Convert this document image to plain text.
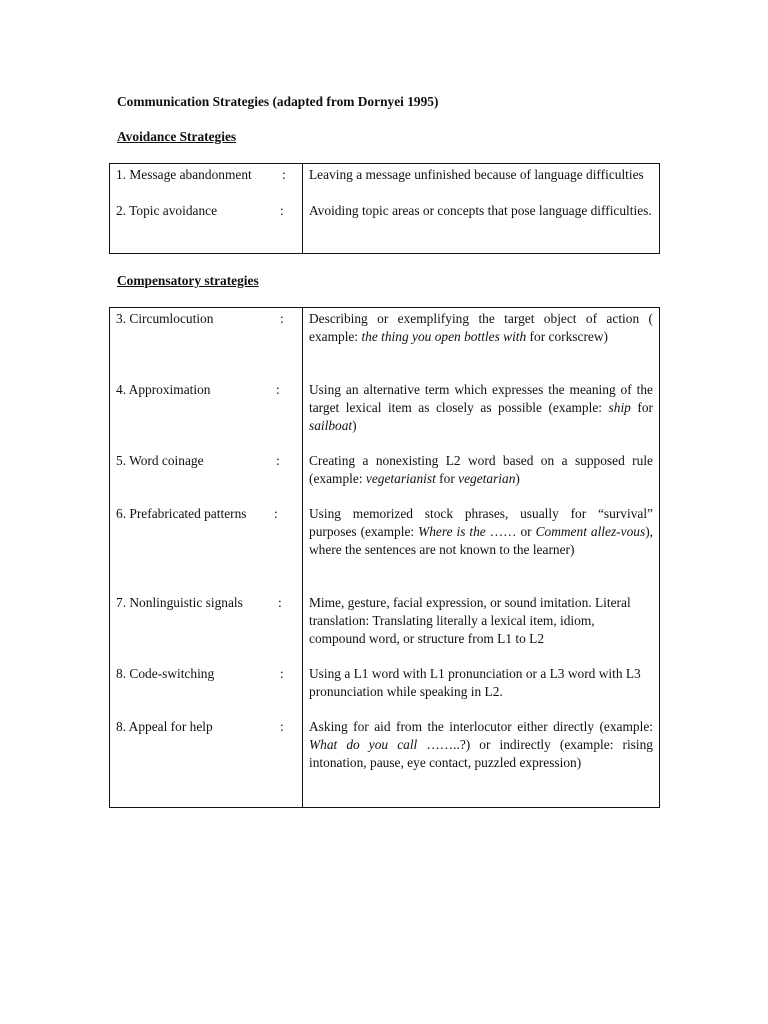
Communication Strategies (adapted from Dornyei 1995)
Avoidance Strategies
1. Message abandonment	: Leaving a message unfinished because of language difficulties
2. Topic avoidance	: Avoiding topic areas or concepts that pose language difficulties.
Compensatory strategies
3. Circumlocution	: Describing or exemplifying the target object of action ( example: the thing you open bottles with for corkscrew)
4. Approximation	: Using an alternative term which expresses the meaning of the target lexical item as closely as possible (example: ship for sailboat)
5. Word coinage	: Creating a nonexisting L2 word based on a supposed rule (example: vegetarianist for vegetarian)
6. Prefabricated patterns	: Using memorized stock phrases, usually for “survival” purposes (example: Where is the …… or Comment allez-vous), where the sentences are not known to the learner)
7. Nonlinguistic signals	: Mime, gesture, facial expression, or sound imitation. Literal translation: Translating literally a lexical item, idiom, compound word, or structure from L1 to L2
8. Code-switching	: Using a L1 word with L1 pronunciation or a L3 word with L3 pronunciation while speaking in L2.
8. Appeal for help	: Asking for aid from the interlocutor either directly (example: What do you call ……..?) or indirectly (example: rising intonation, pause, eye contact, puzzled expression)
